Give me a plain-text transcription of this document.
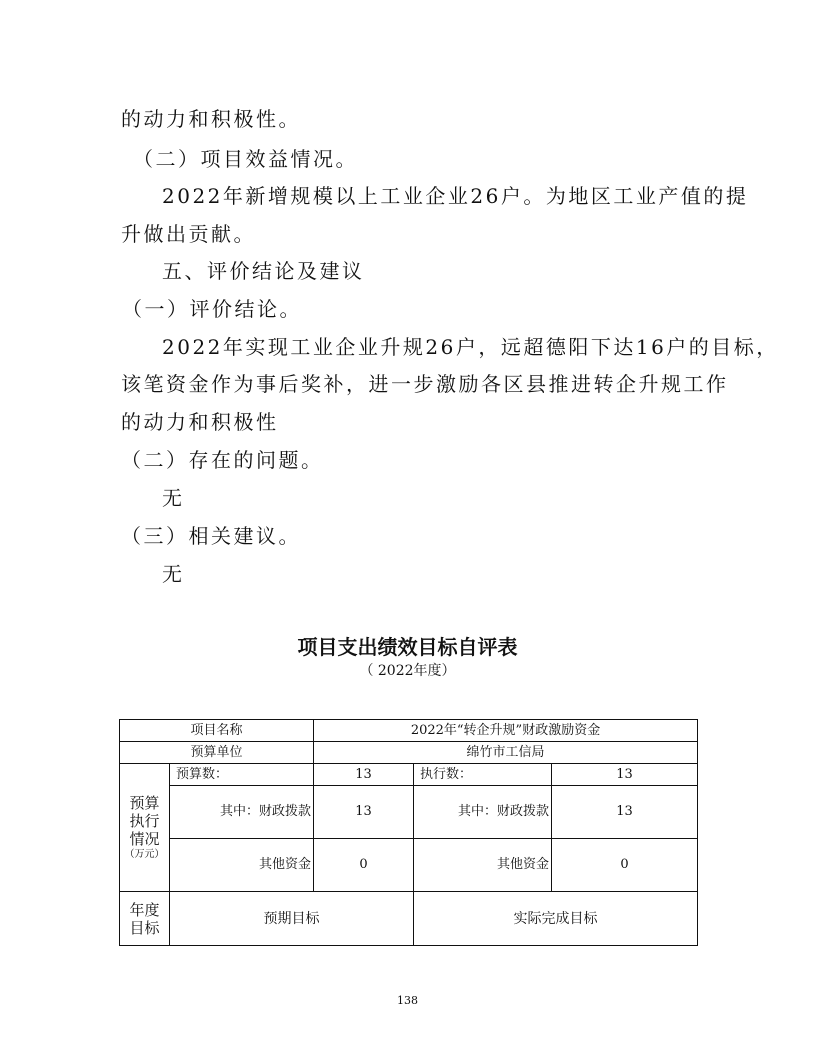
的动力和积极性。
（二）项目效益情况。
2022年新增规模以上工业企业26户。为地区工业产值的提
升做出贡献。
五、评价结论及建议
（一）评价结论。
2022年实现工业企业升规26户，远超德阳下达16户的目标，
该笔资金作为事后奖补，进一步激励各区县推进转企升规工作
的动力和积极性
（二）存在的问题。
无
（三）相关建议。
无
项目支出绩效目标自评表
（ 2022年度）
项目名称		2022年“转企升规”财政激励资金		
预算单位		绵竹市工信局		
预算
执行
情况
（万元）	预算数：	13	执行数：	13
	其中：财政拨款	13	其中：财政拨款	13
	其他资金	0	其他资金	0
年度
目标	预期目标		实际完成目标	
138
